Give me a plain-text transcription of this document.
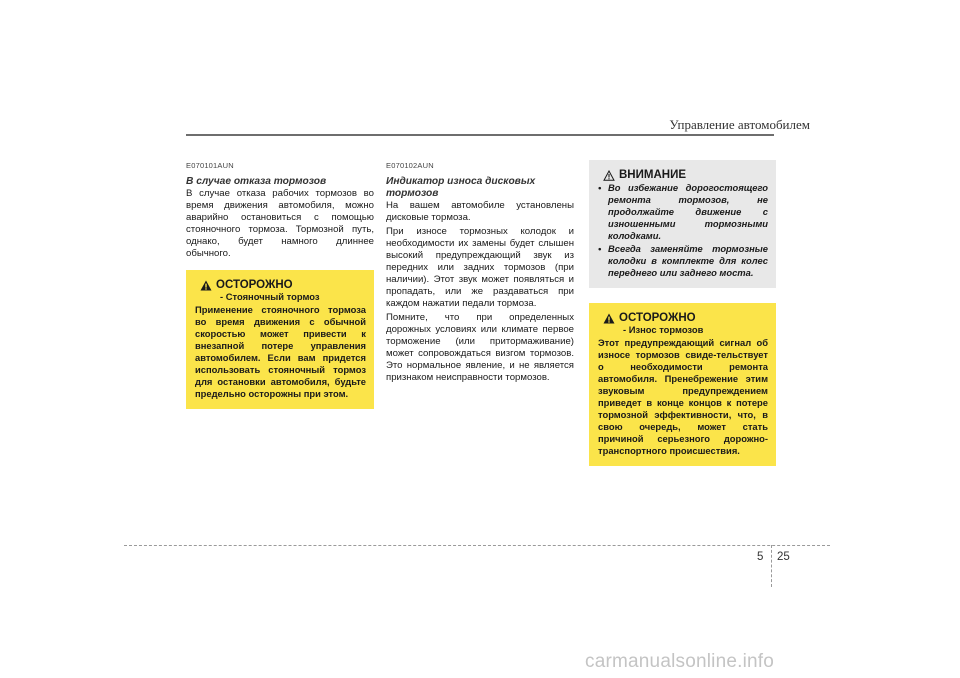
Управление автомобилем
E070101AUN
В случае отказа тормозов

В случае отказа рабочих тормозов во время движения автомобиля, можно аварийно остановиться с помощью стояночного тормоза. Тормозной путь, однако, будет намного длиннее обычного.

ОСТОРОЖНО
- Стояночный тормоз
Применение стояночного тормоза во время движения с обычной скоростью может привести к внезапной потере управления автомобилем. Если вам придется использовать стояночный тормоз для остановки автомобиля, будьте предельно осторожны при этом.
E070102AUN
Индикатор износа дисковых тормозов

На вашем автомобиле установлены дисковые тормоза.

При износе тормозных колодок и необходимости их замены будет слышен высокий предупреждающий звук из передних или задних тормозов (при наличии). Этот звук может появляться и пропадать, или же раздаваться при каждом нажатии педали тормоза.

Помните, что при определенных дорожных условиях или климате первое торможение (или притормаживание) может сопровождаться визгом тормозов. Это нормальное явление, и не является признаком неисправности тормозов.

ВНИМАНИЕ
• Во избежание дорогостоящего ремонта тормозов, не продолжайте движение с изношенными тормозными колодками.
• Всегда заменяйте тормозные колодки в комплекте для колес переднего или заднего моста.
ОСТОРОЖНО
- Износ тормозов
Этот предупреждающий сигнал об износе тормозов свиде-тельствует о необходимости ремонта автомобиля. Пренебрежение этим звуковым предупреждением приведет в конце концов к потере тормозной эффективности, что, в свою очередь, может стать причиной серьезного дорожно-транспортного происшествия.
5 25
carmanualsonline.info
